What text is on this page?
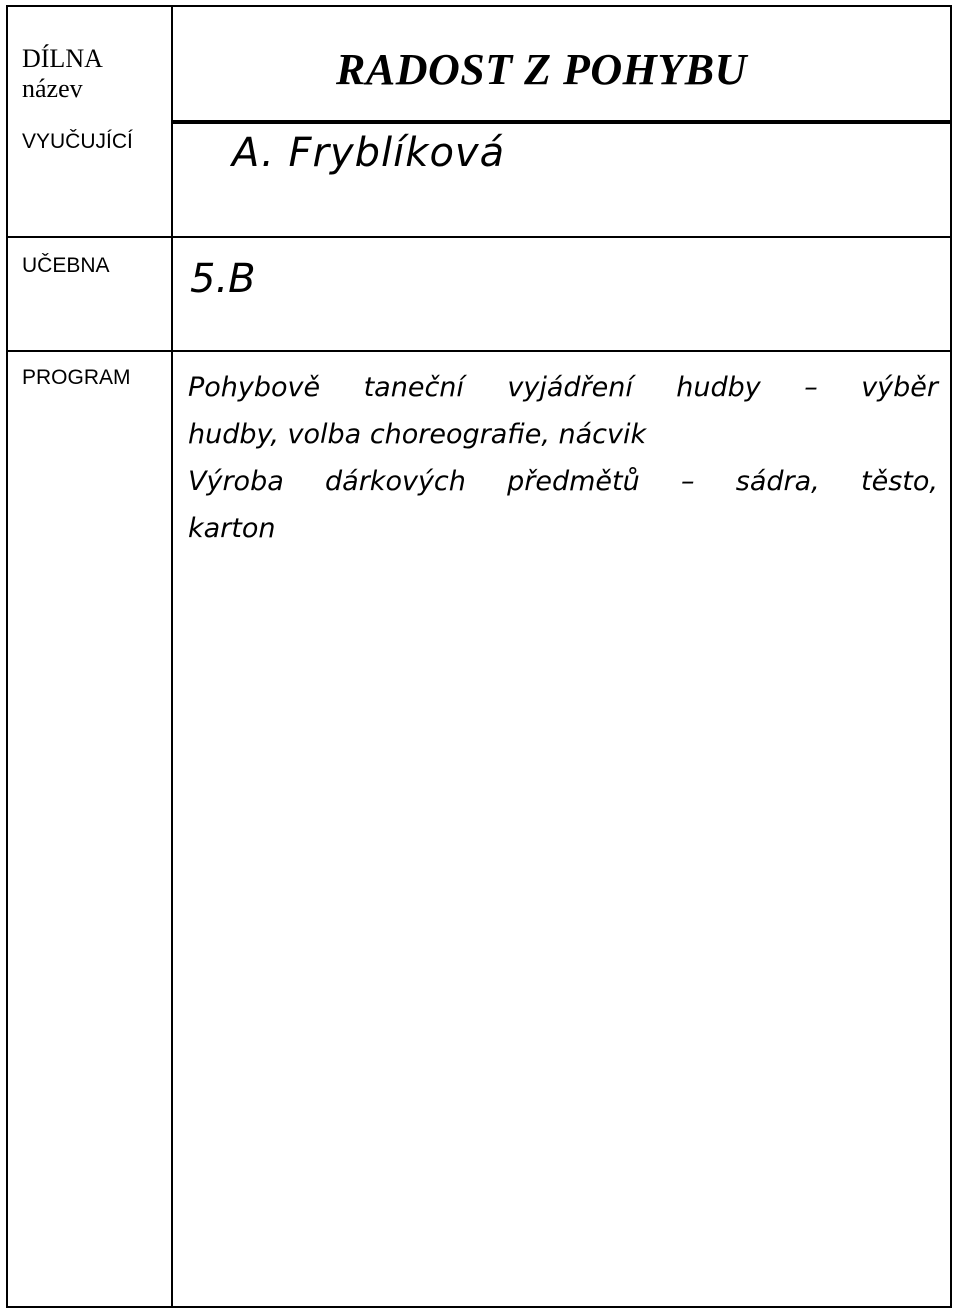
DÍLNA
název
VYUČUJÍCÍ
UČEBNA
PROGRAM
RADOST Z POHYBU
A. Fryblíková
5.B

Pohybově taneční vyjádření hudby – výběr

hudby, volba choreografie, nácvik

Výroba dárkových předmětů – sádra, těsto,

karton
